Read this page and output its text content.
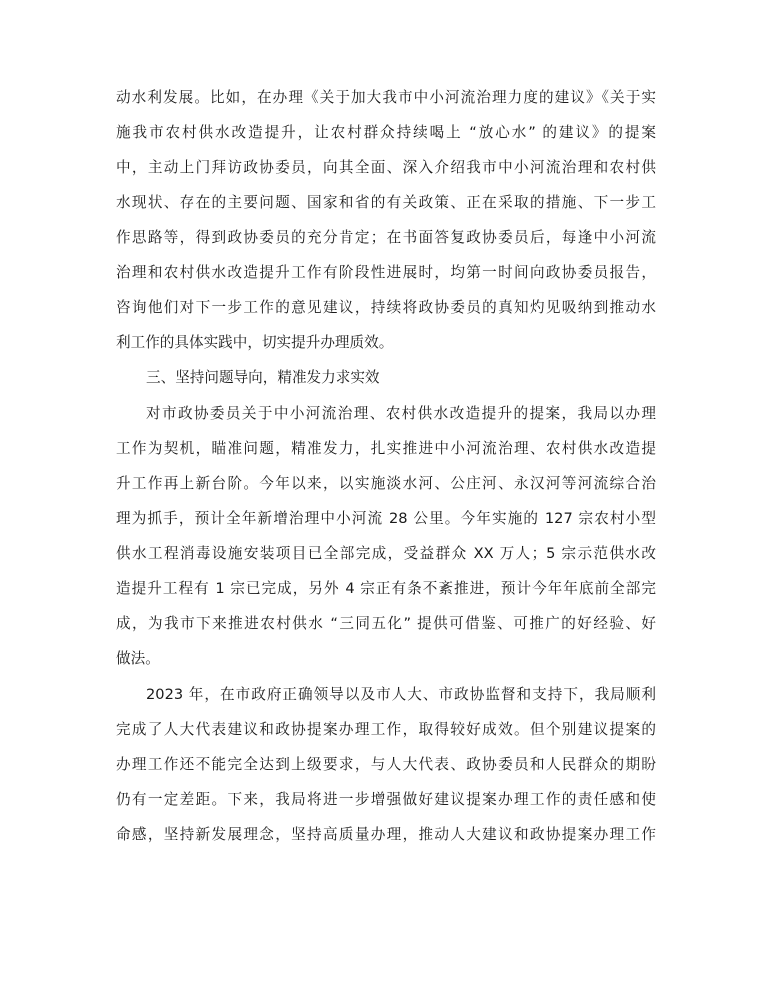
动水利发展。比如，在办理《关于加大我市中小河流治理力度的建议》《关于实
施我市农村供水改造提升，让农村群众持续喝上 “放心水” 的建议》的提案
中，主动上门拜访政协委员，向其全面、深入介绍我市中小河流治理和农村供
水现状、存在的主要问题、国家和省的有关政策、正在采取的措施、下一步工
作思路等，得到政协委员的充分肯定；在书面答复政协委员后，每逢中小河流
治理和农村供水改造提升工作有阶段性进展时，均第一时间向政协委员报告，
咨询他们对下一步工作的意见建议，持续将政协委员的真知灼见吸纳到推动水
利工作的具体实践中，切实提升办理质效。
三、坚持问题导向，精准发力求实效
对市政协委员关于中小河流治理、农村供水改造提升的提案，我局以办理
工作为契机，瞄准问题，精准发力，扎实推进中小河流治理、农村供水改造提
升工作再上新台阶。今年以来，以实施淡水河、公庄河、永汉河等河流综合治
理为抓手，预计全年新增治理中小河流 28 公里。今年实施的 127 宗农村小型
供水工程消毒设施安装项目已全部完成，受益群众 XX 万人；5 宗示范供水改
造提升工程有 1 宗已完成，另外 4 宗正有条不紊推进，预计今年年底前全部完
成，为我市下来推进农村供水 “三同五化” 提供可借鉴、可推广的好经验、好
做法。
2023 年，在市政府正确领导以及市人大、市政协监督和支持下，我局顺利
完成了人大代表建议和政协提案办理工作，取得较好成效。但个别建议提案的
办理工作还不能完全达到上级要求，与人大代表、政协委员和人民群众的期盼
仍有一定差距。下来，我局将进一步增强做好建议提案办理工作的责任感和使
命感，坚持新发展理念，坚持高质量办理，推动人大建议和政协提案办理工作
